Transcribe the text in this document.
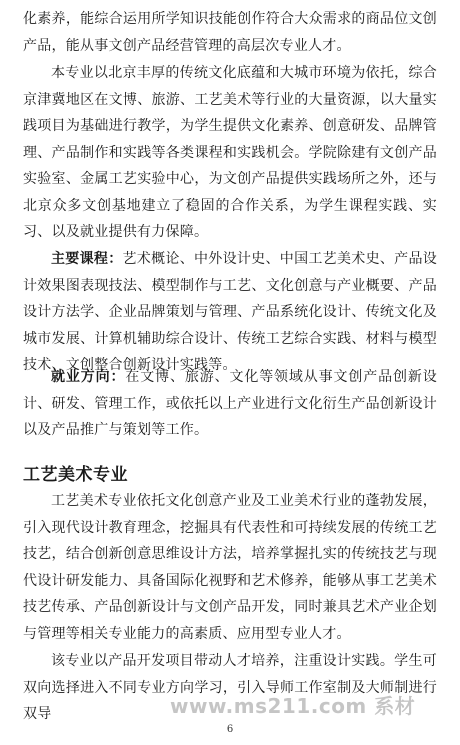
化素养，能综合运用所学知识技能创作符合大众需求的商品位文创产品，能从事文创产品经营管理的高层次专业人才。

本专业以北京丰厚的传统文化底蕴和大城市环境为依托，综合京津冀地区在文博、旅游、工艺美术等行业的大量资源，以大量实践项目为基础进行教学，为学生提供文化素养、创意研发、品牌管理、产品制作和实践等各类课程和实践机会。学院除建有文创产品实验室、金属工艺实验中心，为文创产品提供实践场所之外，还与北京众多文创基地建立了稳固的合作关系，为学生课程实践、实习、以及就业提供有力保障。

主要课程：艺术概论、中外设计史、中国工艺美术史、产品设计效果图表现技法、模型制作与工艺、文化创意与产业概要、产品设计方法学、企业品牌策划与管理、产品系统化设计、传统文化及城市发展、计算机辅助综合设计、传统工艺综合实践、材料与模型技术、文创整合创新设计实践等。

就业方向：在文博、旅游、文化等领域从事文创产品创新设计、研发、管理工作，或依托以上产业进行文化衍生产品创新设计以及产品推广与策划等工作。

工艺美术专业

工艺美术专业依托文化创意产业及工业美术行业的蓬勃发展，引入现代设计教育理念，挖掘具有代表性和可持续发展的传统工艺技艺，结合创新创意思维设计方法，培养掌握扎实的传统技艺与现代设计研发能力、具备国际化视野和艺术修养，能够从事工艺美术技艺传承、产品创新设计与文创产品开发，同时兼具艺术产业企划与管理等相关专业能力的高素质、应用型专业人才。

该专业以产品开发项目带动人才培养，注重设计实践。学生可双向选择进入不同专业方向学习，引入导师工作室制及大师制进行双导	www.ms211.com 系材
6
